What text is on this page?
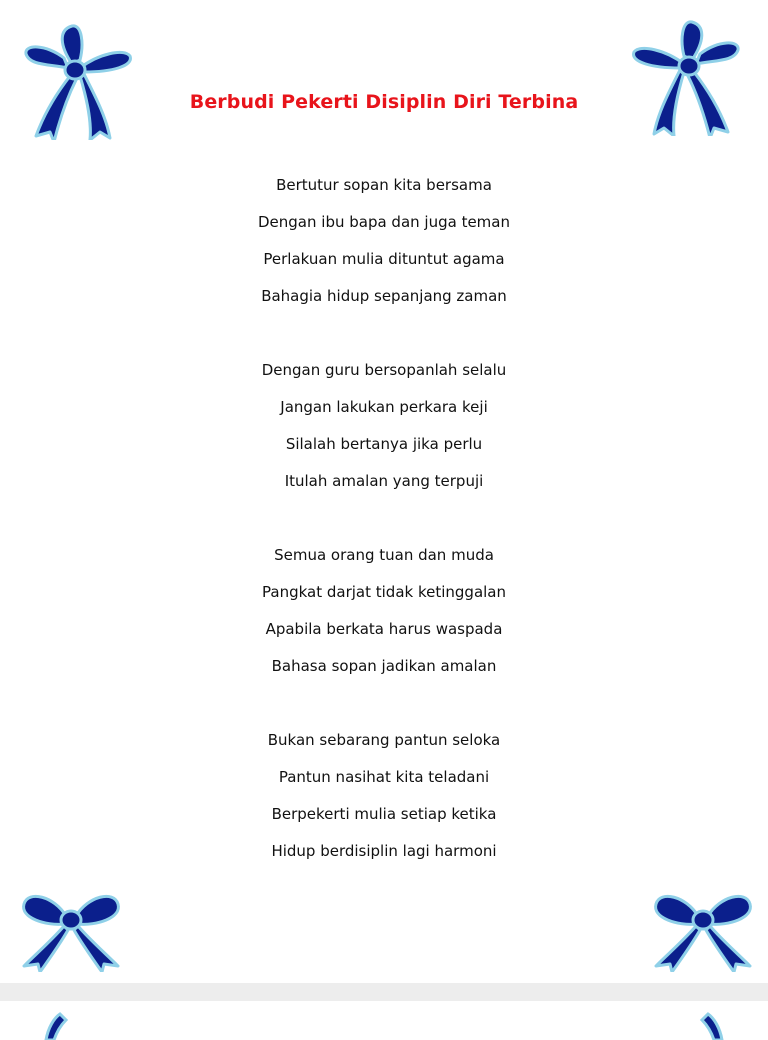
Berbudi Pekerti Disiplin Diri Terbina
Bertutur sopan kita bersama
Dengan ibu bapa dan juga teman
Perlakuan mulia dituntut agama
Bahagia hidup sepanjang zaman
Dengan guru bersopanlah selalu
Jangan lakukan perkara keji
Silalah bertanya jika perlu
Itulah amalan yang terpuji
Semua orang tuan dan muda
Pangkat darjat tidak ketinggalan
Apabila berkata harus waspada
Bahasa sopan jadikan amalan
Bukan sebarang pantun seloka
Pantun nasihat kita teladani
Berpekerti mulia setiap ketika
Hidup berdisiplin lagi harmoni
